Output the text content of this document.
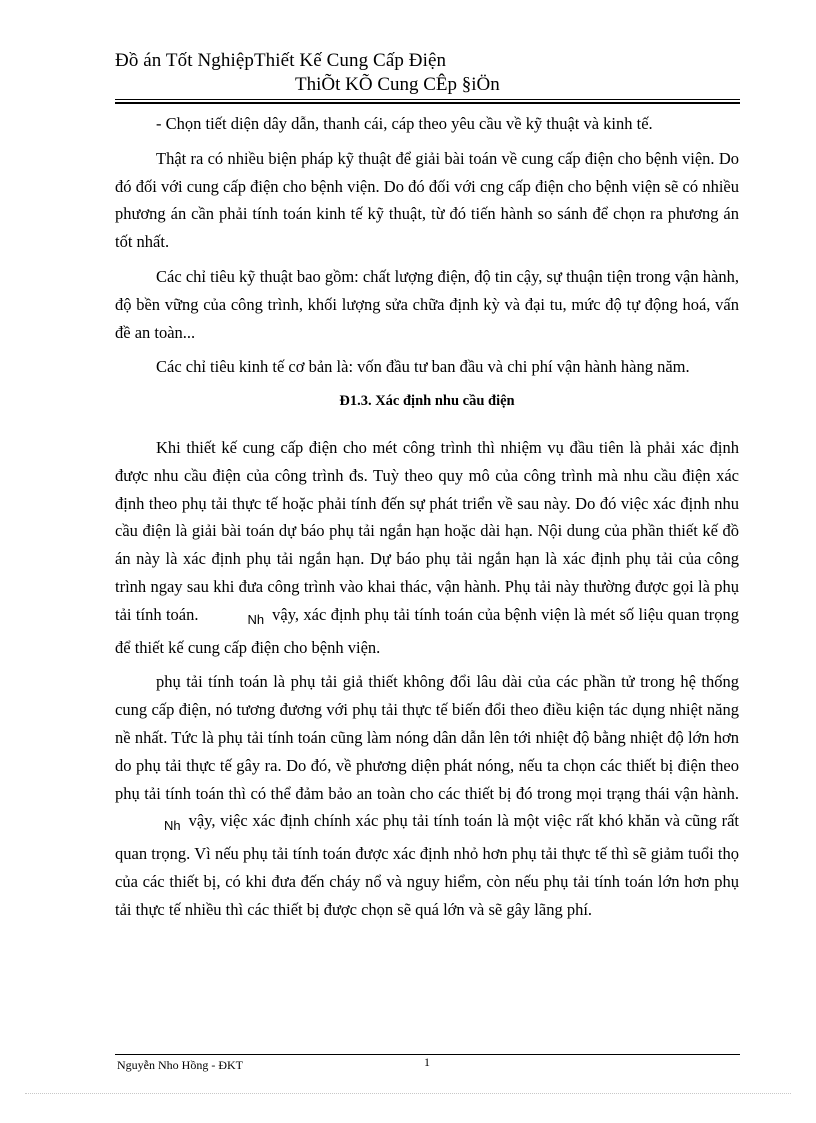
Đồ án Tốt NghiệpThiết Kế Cung Cấp Điện
ThiÕt KÕ Cung CÊp §iÖn

- Chọn tiết diện dây dẫn, thanh cái, cáp theo yêu cầu về kỹ thuật và kinh tế.

Thật ra có nhiều biện pháp kỹ thuật để giải bài toán về cung cấp điện cho bệnh viện. Do đó đối với cung cấp điện cho bệnh viện. Do đó đối với cng cấp điện cho bệnh viện sẽ có nhiều phương án cần phải tính toán kinh tế kỹ thuật, từ đó tiến hành so sánh để chọn ra phương án tốt nhất.

Các chỉ tiêu kỹ thuật bao gồm: chất lượng điện, độ tin cậy, sự thuận tiện trong vận hành, độ bền vững của công trình, khối lượng sửa chữa định kỳ và đại tu, mức độ tự động hoá, vấn đề an toàn...

Các chỉ tiêu kinh tế cơ bản là: vốn đầu tư ban đầu và chi phí vận hành hàng năm.

Đ1.3. Xác định nhu cầu điện

Khi thiết kế cung cấp điện cho mét công trình thì nhiệm vụ đầu tiên là phải xác định được nhu cầu điện của công trình đs. Tuỳ theo quy mô của công trình mà nhu cầu điện xác định theo phụ tải thực tế hoặc phải tính đến sự phát triển về sau này. Do đó việc xác định nhu cầu điện là giải bài toán dự báo phụ tải ngắn hạn hoặc dài hạn. Nội dung của phần thiết kế đồ án này là xác định phụ tải ngắn hạn. Dự báo phụ tải ngắn hạn là xác định phụ tải của công trình ngay sau khi đưa công trình vào khai thác, vận hành. Phụ tải này thường được gọi là phụ tải tính toán.	Nh vậy, xác định phụ tải tính toán của bệnh viện là mét số liệu quan trọng để thiết kế cung cấp điện cho bệnh viện.

phụ tải tính toán là phụ tải giả thiết không đổi lâu dài của các phần tử trong hệ thống cung cấp điện, nó tương đương với phụ tải thực tế biến đổi theo điều kiện tác dụng nhiệt năng nề nhất. Tức là phụ tải tính toán cũng làm nóng dân dẫn lên tới nhiệt độ bằng nhiệt độ lớn hơn do phụ tải thực tế gây ra. Do đó, về phương diện phát nóng, nếu ta chọn các thiết bị điện theo phụ tải tính toán thì có thể đảm bảo an toàn cho các thiết bị đó trong mọi trạng thái vận hành.Nh vậy, việc xác định chính xác phụ tải tính toán là một việc rất khó khăn và cũng rất quan trọng. Vì nếu phụ tải tính toán được xác định nhỏ hơn phụ tải thực tế thì sẽ giảm tuổi thọ của các thiết bị, có khi đưa đến cháy nổ và nguy hiểm, còn nếu phụ tải tính toán lớn hơn phụ tải thực tế nhiều thì các thiết bị được chọn sẽ quá lớn và sẽ gây lãng phí.

Nguyễn Nho Hồng - ĐKT	1
